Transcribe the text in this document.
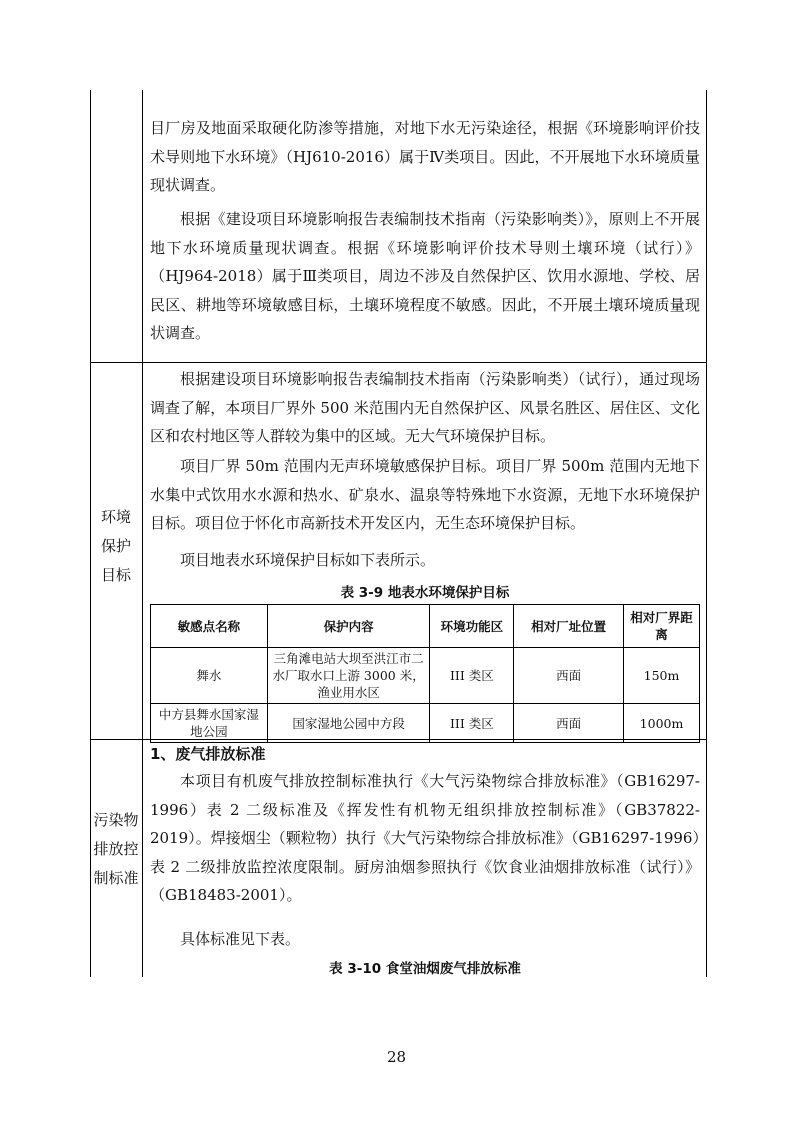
目厂房及地面采取硬化防渗等措施，对地下水无污染途径，根据《环境影响评价技术导则地下水环境》（HJ610-2016）属于Ⅳ类项目。因此，不开展地下水环境质量现状调查。

根据《建设项目环境影响报告表编制技术指南（污染影响类）》，原则上不开展地下水环境质量现状调查。根据《环境影响评价技术导则土壤环境（试行）》（HJ964-2018）属于Ⅲ类项目，周边不涉及自然保护区、饮用水源地、学校、居民区、耕地等环境敏感目标，土壤环境程度不敏感。因此，不开展土壤环境质量现状调查。

环境
保护
目标

根据建设项目环境影响报告表编制技术指南（污染影响类）（试行），通过现场调查了解，本项目厂界外 500 米范围内无自然保护区、风景名胜区、居住区、文化区和农村地区等人群较为集中的区域。无大气环境保护目标。

项目厂界 50m 范围内无声环境敏感保护目标。项目厂界 500m 范围内无地下水集中式饮用水水源和热水、矿泉水、温泉等特殊地下水资源，无地下水环境保护目标。项目位于怀化市高新技术开发区内，无生态环境保护目标。

项目地表水环境保护目标如下表所示。

表 3-9 地表水环境保护目标
敏感点名称	保护内容	环境功能区	相对厂址位置	相对厂界距离
舞水	三角滩电站大坝至洪江市二水厂取水口上游 3000 米，渔业用水区	III 类区	西面	150m
中方县舞水国家湿地公园	国家湿地公园中方段	III 类区	西面	1000m
污染物
排放控
制标准
1、废气排放标准

本项目有机废气排放控制标准执行《大气污染物综合排放标准》（GB16297-1996）表 2 二级标准及《挥发性有机物无组织排放控制标准》（GB37822-2019）。焊接烟尘（颗粒物）执行《大气污染物综合排放标准》（GB16297-1996）表 2 二级排放监控浓度限制。厨房油烟参照执行《饮食业油烟排放标准（试行）》（GB18483-2001）。

具体标准见下表。

表 3-10 食堂油烟废气排放标准
28
